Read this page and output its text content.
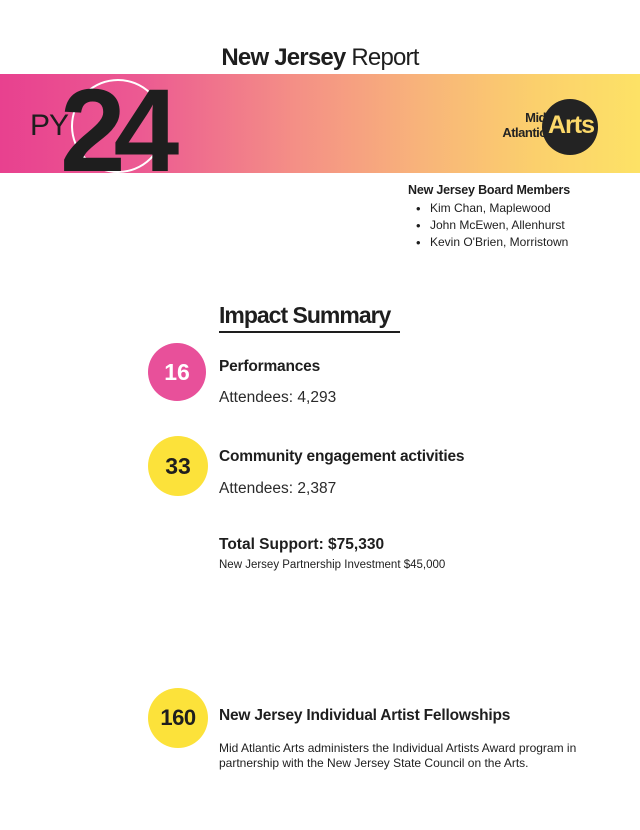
New Jersey Report
PY
24	Mid
Atlantic Arts
New Jersey Board Members
• Kim Chan, Maplewood
• John McEwen, Allenhurst
• Kevin O'Brien, Morristown
Impact Summary
16	Performances
Attendees: 4,293
33	Community engagement activities
Attendees: 2,387
Total Support: $75,330
New Jersey Partnership Investment $45,000
160	New Jersey Individual Artist Fellowships
Mid Atlantic Arts administers the Individual Artists Award program in partnership with the New Jersey State Council on the Arts.
